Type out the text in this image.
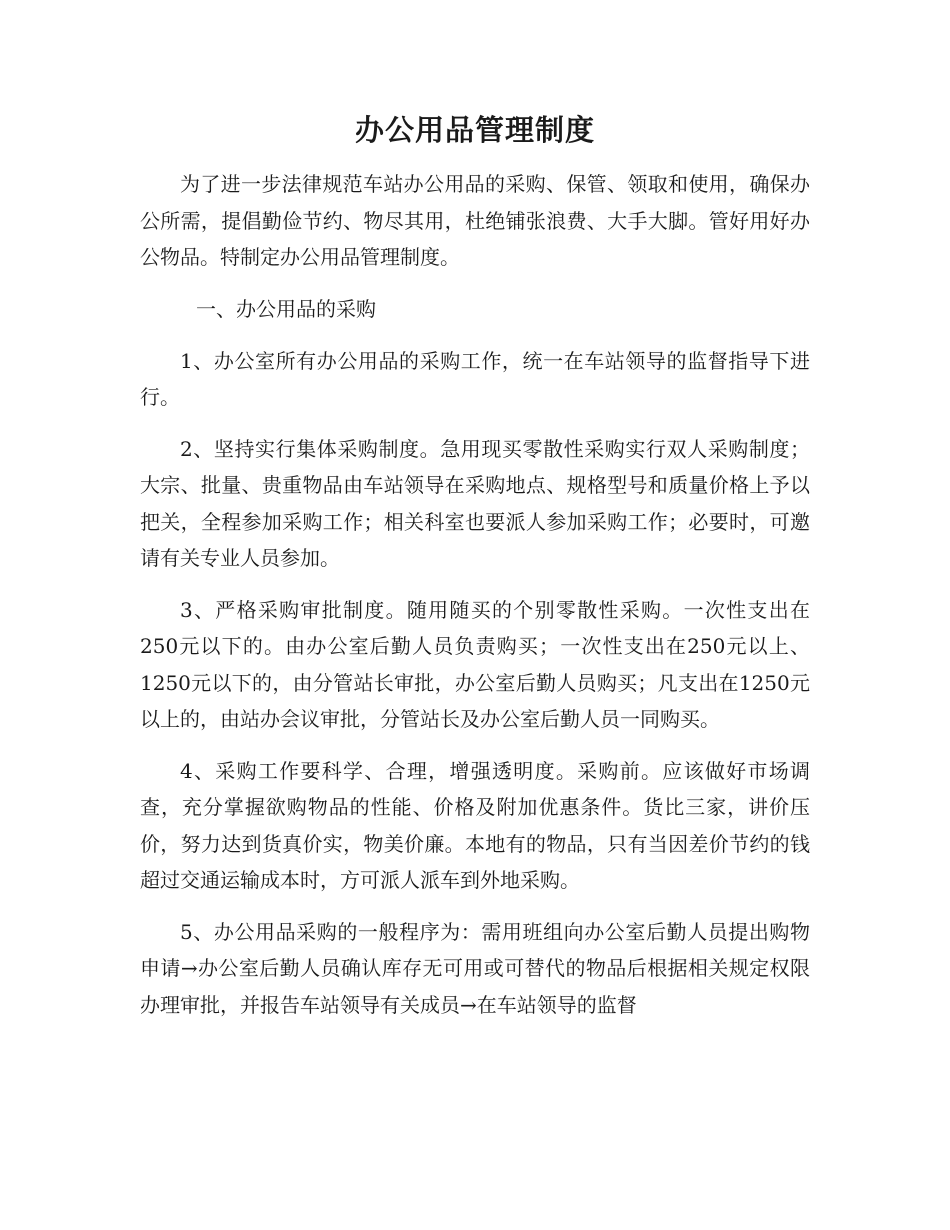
办公用品管理制度

为了进一步法律规范车站办公用品的采购、保管、领取和使用，确保办公所需，提倡勤俭节约、物尽其用，杜绝铺张浪费、大手大脚。管好用好办公物品。特制定办公用品管理制度。

一、办公用品的采购

1、办公室所有办公用品的采购工作，统一在车站领导的监督指导下进行。

2、坚持实行集体采购制度。急用现买零散性采购实行双人采购制度；大宗、批量、贵重物品由车站领导在采购地点、规格型号和质量价格上予以把关，全程参加采购工作；相关科室也要派人参加采购工作；必要时，可邀请有关专业人员参加。

3、严格采购审批制度。随用随买的个别零散性采购。一次性支出在250元以下的。由办公室后勤人员负责购买；一次性支出在250元以上、1250元以下的，由分管站长审批，办公室后勤人员购买；凡支出在1250元以上的，由站办会议审批，分管站长及办公室后勤人员一同购买。

4、采购工作要科学、合理，增强透明度。采购前。应该做好市场调查，充分掌握欲购物品的性能、价格及附加优惠条件。货比三家，讲价压价，努力达到货真价实，物美价廉。本地有的物品，只有当因差价节约的钱超过交通运输成本时，方可派人派车到外地采购。

5、办公用品采购的一般程序为：需用班组向办公室后勤人员提出购物申请→办公室后勤人员确认库存无可用或可替代的物品后根据相关规定权限办理审批，并报告车站领导有关成员→在车站领导的监督
